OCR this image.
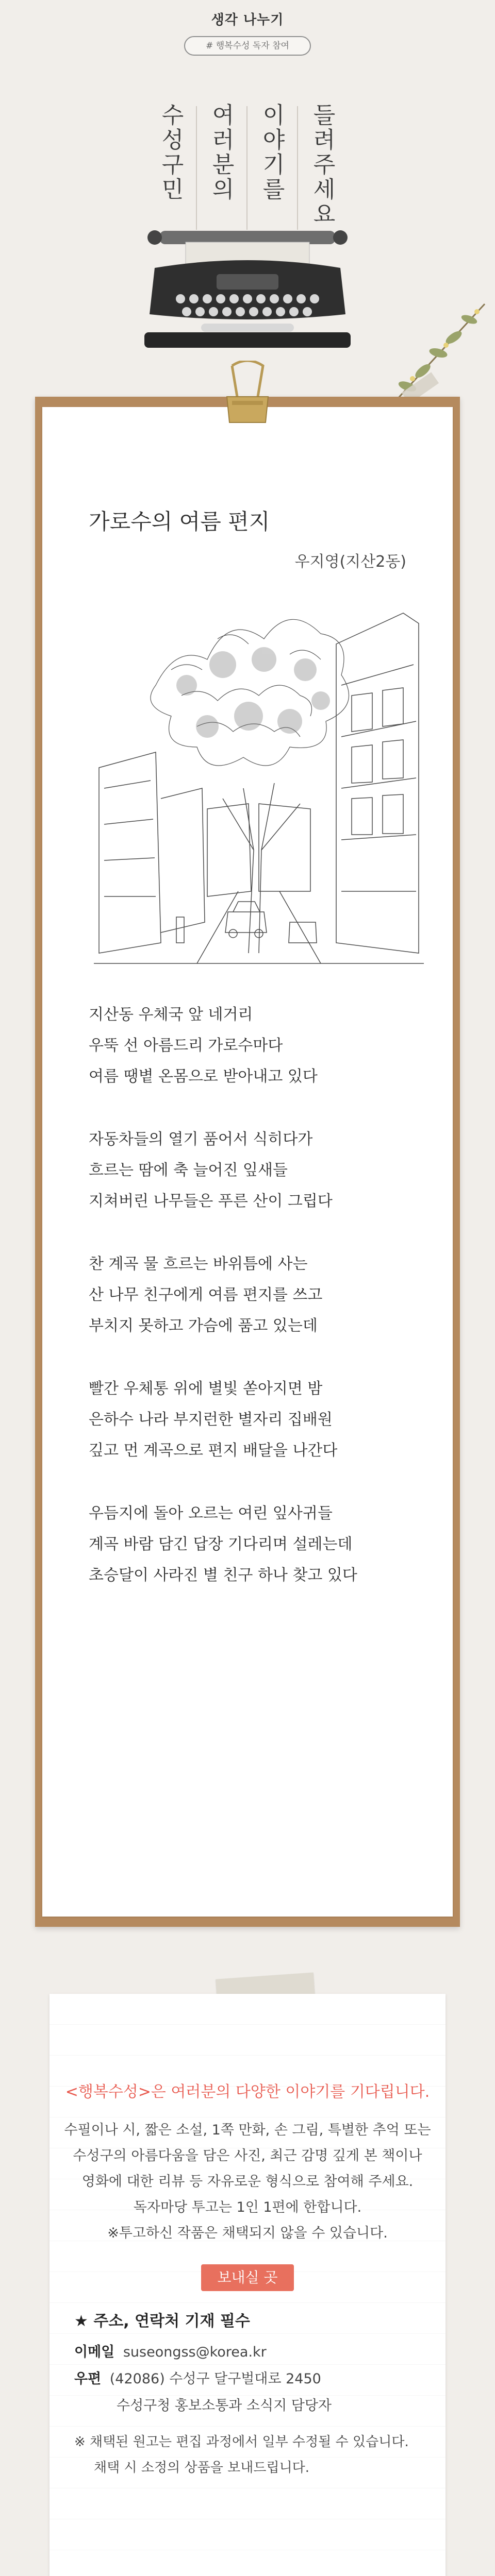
생각 나누기
# 행복수성 독자 참여
수성구민 여러분의 이야기를 들려주세요
가로수의 여름 편지
우지영(지산2동)
지산동 우체국 앞 네거리
우뚝 선 아름드리 가로수마다
여름 땡볕 온몸으로 받아내고 있다
자동차들의 열기 품어서 식히다가
흐르는 땀에 축 늘어진 잎새들
지쳐버린 나무들은 푸른 산이 그립다
찬 계곡 물 흐르는 바위틈에 사는
산 나무 친구에게 여름 편지를 쓰고
부치지 못하고 가슴에 품고 있는데
빨간 우체통 위에 별빛 쏟아지면 밤
은하수 나라 부지런한 별자리 집배원
깊고 먼 계곡으로 편지 배달을 나간다
우듬지에 돌아 오르는 여린 잎사귀들
계곡 바람 담긴 답장 기다리며 설레는데
초승달이 사라진 별 친구 하나 찾고 있다
<행복수성>은 여러분의 다양한 이야기를 기다립니다.
수필이나 시, 짧은 소설, 1쪽 만화, 손 그림, 특별한 추억 또는
수성구의 아름다움을 담은 사진, 최근 감명 깊게 본 책이나
영화에 대한 리뷰 등 자유로운 형식으로 참여해 주세요.
독자마당 투고는 1인 1편에 한합니다.
※투고하신 작품은 채택되지 않을 수 있습니다.
보내실 곳
★ 주소, 연락처 기재 필수
이메일 suseongss@korea.kr
우편 (42086) 수성구 달구벌대로 2450
수성구청 홍보소통과 소식지 담당자
※ 채택된 원고는 편집 과정에서 일부 수정될 수 있습니다.
채택 시 소정의 상품을 보내드립니다.
